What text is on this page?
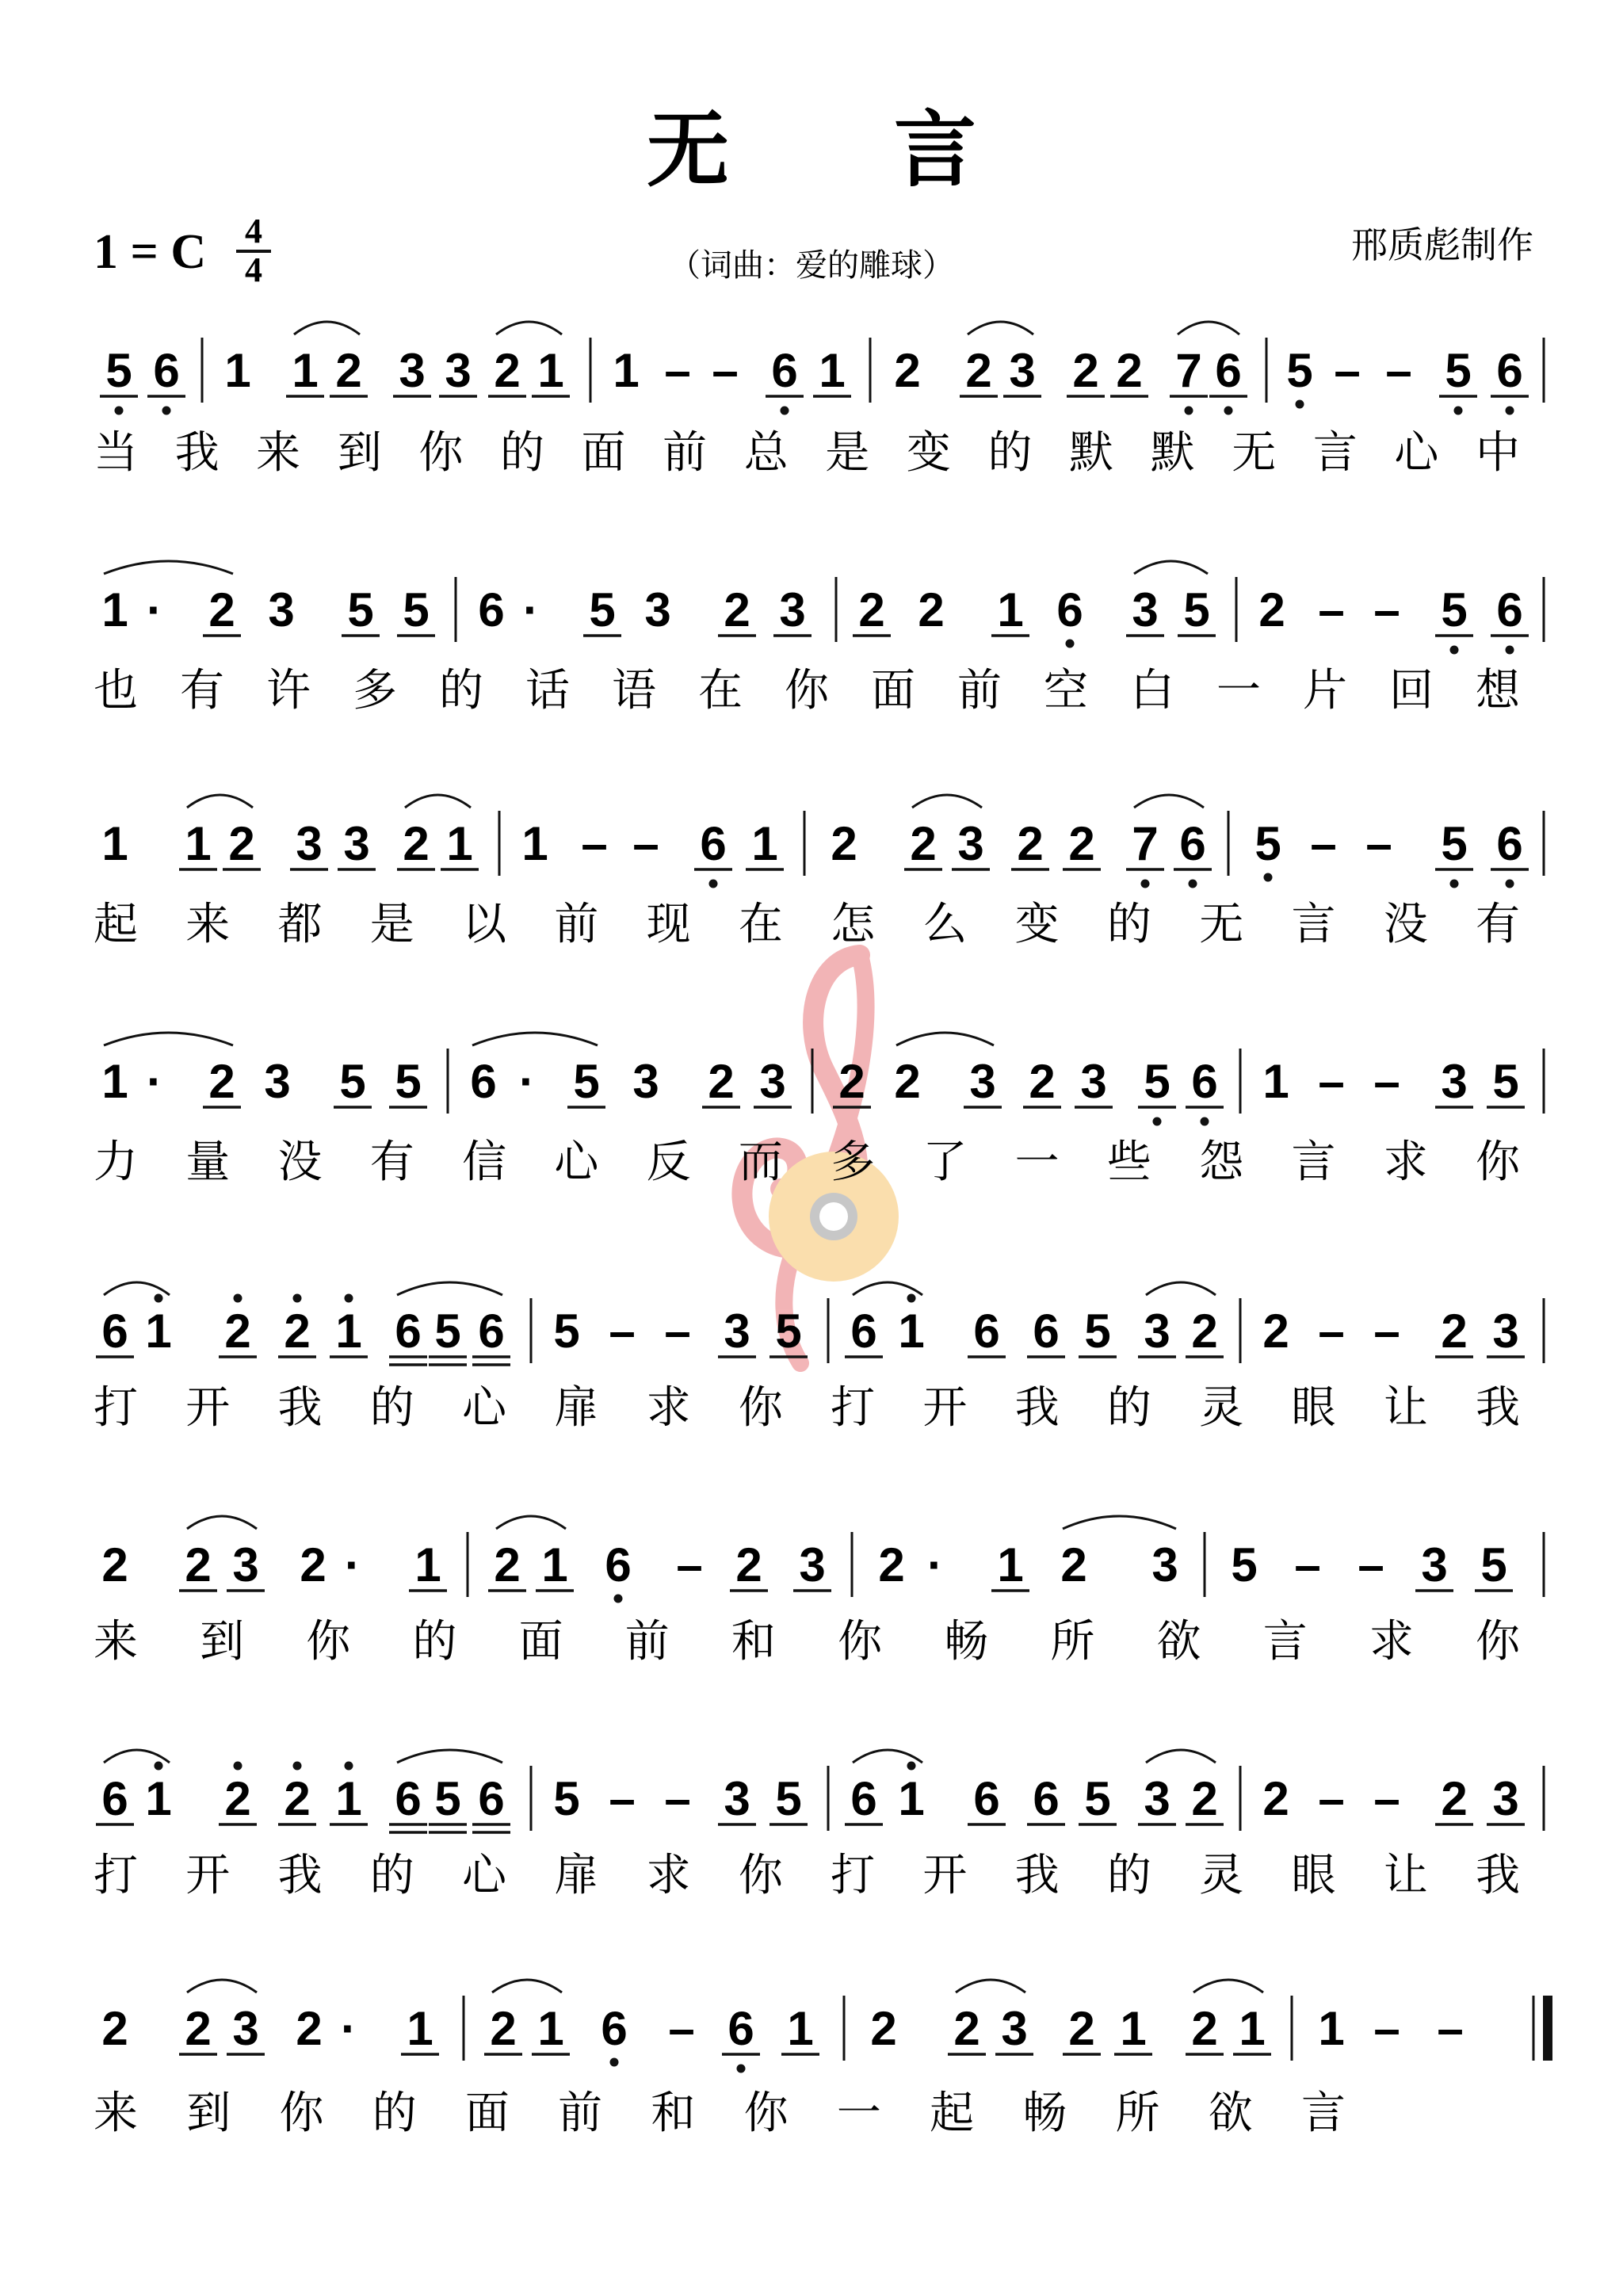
无　　言
1 = C 4
4	（词曲：爱的雕球）	邢质彪制作
5 6 1 1 2 3 3 2 1 1 – – 6 1 2 2 3 2 2 7 6 5 – – 5 6
当 我 来 到 你 的 面 前 总 是 变 的 默 默 无 言 心 中
1 · 2 3 5 5 6 · 5 3 2 3 2 2 1 6 3 5 2 – – 5 6
也 有 许 多 的 话 语 在 你 面 前 空 白 一 片 回 想
1 1 2 3 3 2 1 1 – – 6 1 2 2 3 2 2 7 6 5 – – 5 6
起 来 都 是 以 前 现 在 怎 么 变 的 无 言 没 有
1 · 2 3 5 5 6 · 5 3 2 3 2 2 3 2 3 5 6 1 – – 3 5
力 量 没 有 信 心 反 而 多 了 一 些 怨 言 求 你
6 1 2 2 1 6 5 6 5 – – 3 5 6 1 6 6 5 3 2 2 – – 2 3
打 开 我 的 心 扉 求 你 打 开 我 的 灵 眼 让 我
2 2 3 2 · 1 2 1 6 – 2 3 2 · 1 2 3 5 – – 3 5
来 到 你 的 面 前 和 你 畅 所 欲 言 求 你
6 1 2 2 1 6 5 6 5 – – 3 5 6 1 6 6 5 3 2 2 – – 2 3
打 开 我 的 心 扉 求 你 打 开 我 的 灵 眼 让 我
2 2 3 2 · 1 2 1 6 – 6 1 2 2 3 2 1 2 1 1 – –
来 到 你 的 面 前 和 你 一 起 畅 所 欲 言
